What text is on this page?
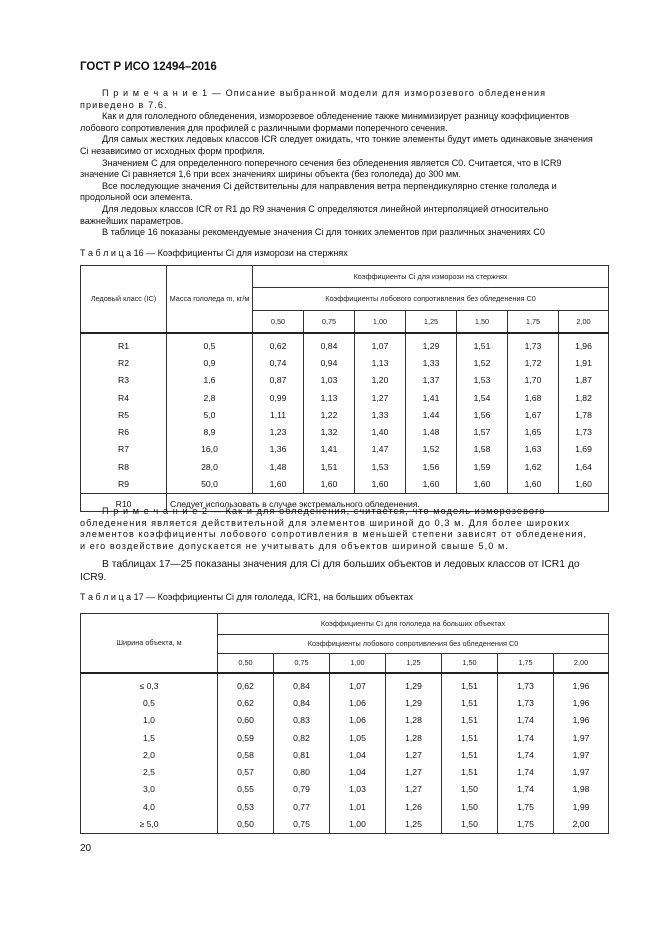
ГОСТ Р ИСО 12494–2016

П р и м е ч а н и е 1 — Описание выбранной модели для изморозевого обледенения приведено в 7.6.

Как и для гололедного обледенения, изморозевое обледенение также минимизирует разницу коэффициентов лобового сопротивления для профилей с различными формами поперечного сечения.

Для самых жестких ледовых классов ICR следует ожидать, что тонкие элементы будут иметь одинаковые значения Ci независимо от исходных форм профиля.

Значением С для определенного поперечного сечения без обледенения является С0. Считается, что в ICR9 значение Ci равняется 1,6 при всех значениях ширины объекта (без гололеда) до 300 мм.

Все последующие значения Ci действительны для направления ветра перпендикулярно стенке гололеда и продольной оси элемента.

Для ледовых классов ICR от R1 до R9 значения С определяются линейной интерполяцией относительно важнейших параметров.

В таблице 16 показаны рекомендуемые значения Ci для тонких элементов при различных значениях С0

Т а б л и ц а 16 — Коэффициенты Ci для изморози на стержнях
Ледовый класс (IC)	Масса гололеда m, кг/м	Коэффициенты Ci для изморози на стержнях						
		Коэффициенты лобового сопротивления без обледенения С0						
		0,50	0,75	1,00	1,25	1,50	1,75	2,00
R1	0,5	0,62	0,84	1,07	1,29	1,51	1,73	1,96
R2	0,9	0,74	0,94	1,13	1,33	1,52	1,72	1,91
R3	1,6	0,87	1,03	1,20	1,37	1,53	1,70	1,87
R4	2,8	0,99	1,13	1,27	1,41	1,54	1,68	1,82
R5	5,0	1,11	1,22	1,33	1,44	1,56	1,67	1,78
R6	8,9	1,23	1,32	1,40	1,48	1,57	1,65	1,73
R7	16,0	1,36	1,41	1,47	1,52	1,58	1,63	1,69
R8	28,0	1,48	1,51	1,53	1,56	1,59	1,62	1,64
R9	50,0	1,60	1,60	1,60	1,60	1,60	1,60	1,60
R10	Следует использовать в случае экстремального обледенения.							

П р и м е ч а н и е 2 — Как и для обледенения, считается, что модель изморозевого обледенения является действительной для элементов шириной до 0,3 м. Для более широких элементов коэффициенты лобового сопротивления в меньшей степени зависят от обледенения, и его воздействие допускается не учитывать для объектов шириной свыше 5,0 м.

В таблицах 17—25 показаны значения для Ci для больших объектов и ледовых классов от ICR1 до ICR9.

Т а б л и ц а 17 — Коэффициенты Ci для гололеда, ICR1, на больших объектах
Ширина объекта, м	Коэффициенты Ci для гололеда на больших объектах						
	Коэффициенты лобового сопротивления без обледенения С0						
	0,50	0,75	1,00	1,25	1,50	1,75	2,00
≤ 0,3	0,62	0,84	1,07	1,29	1,51	1,73	1,96
0,5	0,62	0,84	1,06	1,29	1,51	1,73	1,96
1,0	0,60	0,83	1,06	1,28	1,51	1,74	1,96
1,5	0,59	0,82	1,05	1,28	1,51	1,74	1,97
2,0	0,58	0,81	1,04	1,27	1,51	1,74	1,97
2,5	0,57	0,80	1,04	1,27	1,51	1,74	1,97
3,0	0,55	0,79	1,03	1,27	1,50	1,74	1,98
4,0	0,53	0,77	1,01	1,26	1,50	1,75	1,99
≥ 5,0	0,50	0,75	1,00	1,25	1,50	1,75	2,00
20
